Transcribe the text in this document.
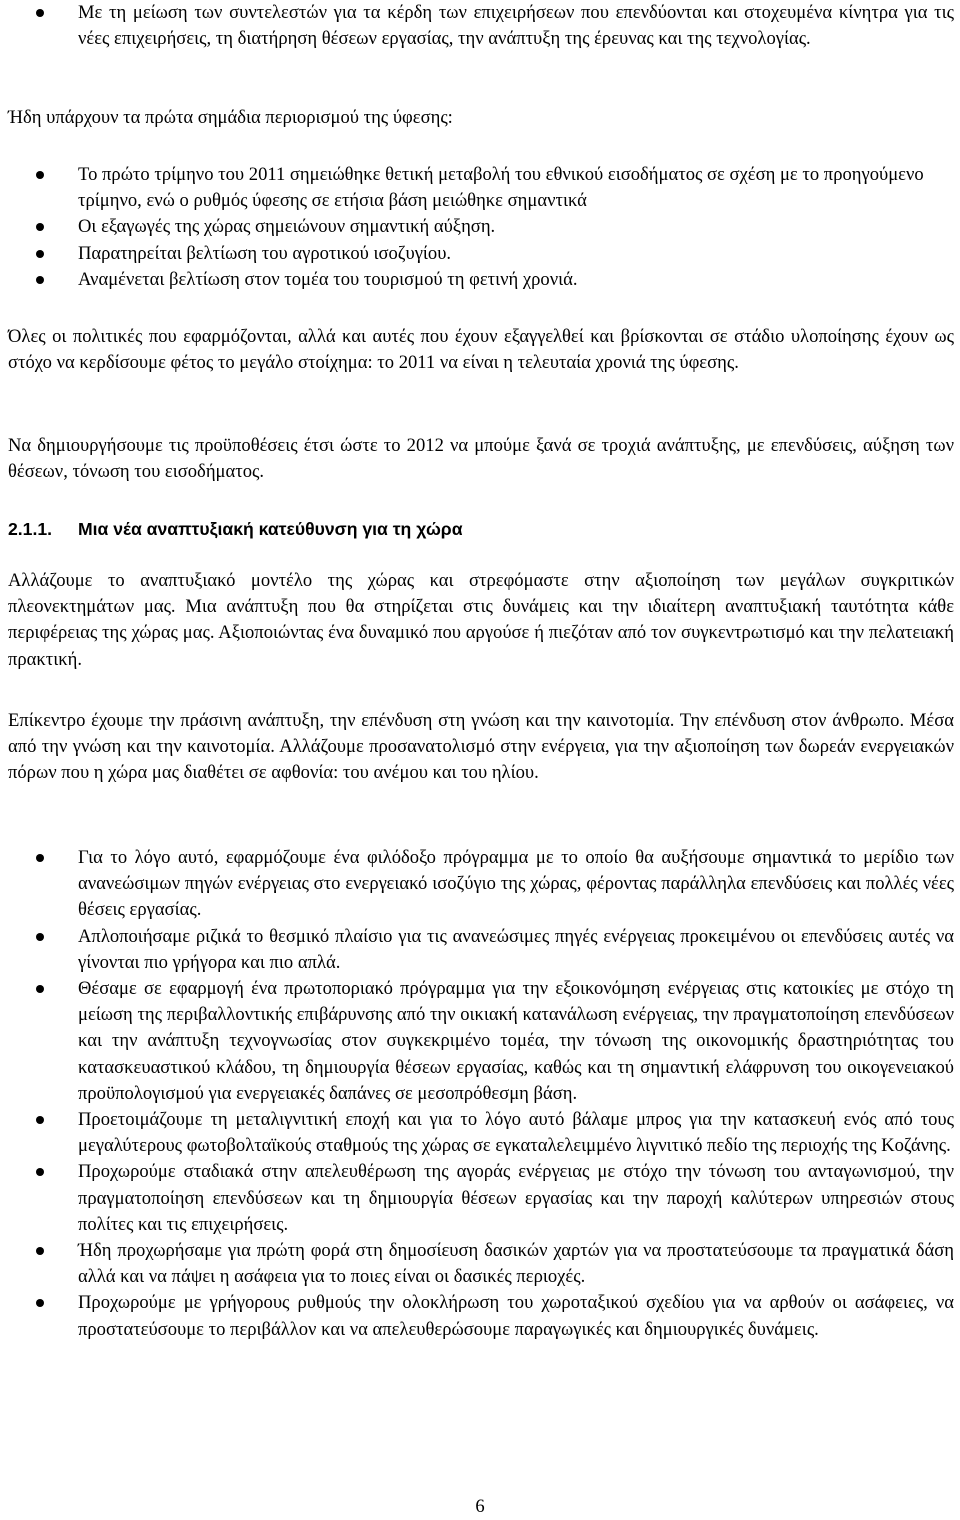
Με τη μείωση των συντελεστών για τα κέρδη των επιχειρήσεων που επενδύονται και στοχευμένα κίνητρα για τις νέες επιχειρήσεις, τη διατήρηση θέσεων εργασίας, την ανάπτυξη της έρευνας και της τεχνολογίας.

Ήδη υπάρχουν τα πρώτα σημάδια περιορισμού της ύφεσης:

Το πρώτο τρίμηνο του 2011 σημειώθηκε θετική μεταβολή του εθνικού εισοδήματος σε σχέση με το προηγούμενο τρίμηνο, ενώ ο ρυθμός ύφεσης σε ετήσια βάση μειώθηκε σημαντικά
Οι εξαγωγές της χώρας σημειώνουν σημαντική αύξηση.
Παρατηρείται βελτίωση του αγροτικού ισοζυγίου.
Αναμένεται βελτίωση στον τομέα του τουρισμού τη φετινή χρονιά.

Όλες οι πολιτικές που εφαρμόζονται, αλλά και αυτές που έχουν εξαγγελθεί και βρίσκονται σε στάδιο υλοποίησης έχουν ως στόχο να κερδίσουμε φέτος το μεγάλο στοίχημα: το 2011 να είναι η τελευταία χρονιά της ύφεσης.

Να δημιουργήσουμε τις προϋποθέσεις έτσι ώστε το 2012 να μπούμε ξανά σε τροχιά ανάπτυξης, με επενδύσεις, αύξηση των θέσεων, τόνωση του εισοδήματος.

2.1.1. Μια νέα αναπτυξιακή κατεύθυνση για τη χώρα

Αλλάζουμε το αναπτυξιακό μοντέλο της χώρας και στρεφόμαστε στην αξιοποίηση των μεγάλων συγκριτικών πλεονεκτημάτων μας. Μια ανάπτυξη που θα στηρίζεται στις δυνάμεις και την ιδιαίτερη αναπτυξιακή ταυτότητα κάθε περιφέρειας της χώρας μας. Αξιοποιώντας ένα δυναμικό που αργούσε ή πιεζόταν από τον συγκεντρωτισμό και την πελατειακή πρακτική.

Επίκεντρο έχουμε την πράσινη ανάπτυξη, την επένδυση στη γνώση και την καινοτομία. Την επένδυση στον άνθρωπο. Μέσα από την γνώση και την καινοτομία. Αλλάζουμε προσανατολισμό στην ενέργεια, για την αξιοποίηση των δωρεάν ενεργειακών πόρων που η χώρα μας διαθέτει σε αφθονία: του ανέμου και του ηλίου.

Για το λόγο αυτό, εφαρμόζουμε ένα φιλόδοξο πρόγραμμα με το οποίο θα αυξήσουμε σημαντικά το μερίδιο των ανανεώσιμων πηγών ενέργειας στο ενεργειακό ισοζύγιο της χώρας, φέροντας παράλληλα επενδύσεις και πολλές νέες θέσεις εργασίας.
Απλοποιήσαμε ριζικά το θεσμικό πλαίσιο για τις ανανεώσιμες πηγές ενέργειας προκειμένου οι επενδύσεις αυτές να γίνονται πιο γρήγορα και πιο απλά.
Θέσαμε σε εφαρμογή ένα πρωτοποριακό πρόγραμμα για την εξοικονόμηση ενέργειας στις κατοικίες με στόχο τη μείωση της περιβαλλοντικής επιβάρυνσης από την οικιακή κατανάλωση ενέργειας, την πραγματοποίηση επενδύσεων και την ανάπτυξη τεχνογνωσίας στον συγκεκριμένο τομέα, την τόνωση της οικονομικής δραστηριότητας του κατασκευαστικού κλάδου, τη δημιουργία θέσεων εργασίας, καθώς και τη σημαντική ελάφρυνση του οικογενειακού προϋπολογισμού για ενεργειακές δαπάνες σε μεσοπρόθεσμη βάση.
Προετοιμάζουμε τη μεταλιγνιτική εποχή και για το λόγο αυτό βάλαμε μπρος για την κατασκευή ενός από τους μεγαλύτερους φωτοβολταϊκούς σταθμούς της χώρας σε εγκαταλελειμμένο λιγνιτικό πεδίο της περιοχής της Κοζάνης.
Προχωρούμε σταδιακά στην απελευθέρωση της αγοράς ενέργειας με στόχο την τόνωση του ανταγωνισμού, την πραγματοποίηση επενδύσεων και τη δημιουργία θέσεων εργασίας και την παροχή καλύτερων υπηρεσιών στους πολίτες και τις επιχειρήσεις.
Ήδη προχωρήσαμε για πρώτη φορά στη δημοσίευση δασικών χαρτών για να προστατεύσουμε τα πραγματικά δάση αλλά και να πάψει η ασάφεια για το ποιες είναι οι δασικές περιοχές.
Προχωρούμε με γρήγορους ρυθμούς την ολοκλήρωση του χωροταξικού σχεδίου για να αρθούν οι ασάφειες, να προστατεύσουμε το περιβάλλον και να απελευθερώσουμε παραγωγικές και δημιουργικές δυνάμεις.
6
